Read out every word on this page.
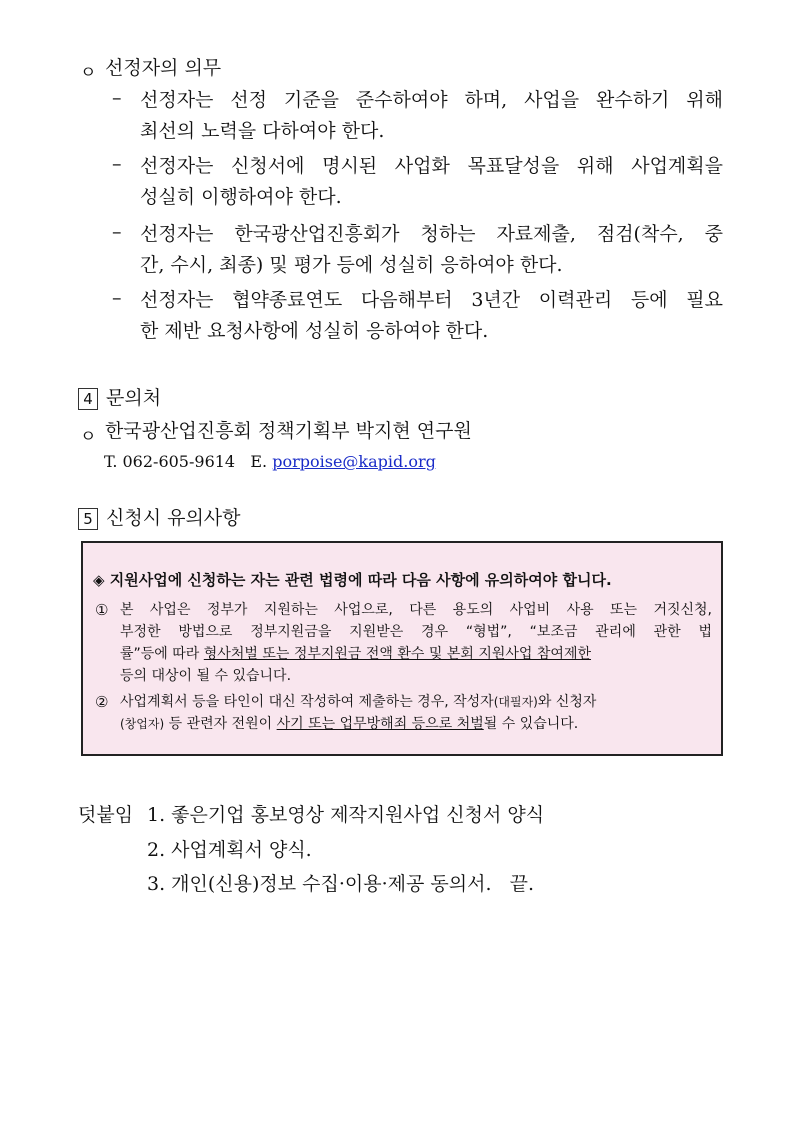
ㅇ 선정자의 의무
– 선정자는 선정 기준을 준수하여야 하며, 사업을 완수하기 위해
최선의 노력을 다하여야 한다.
– 선정자는 신청서에 명시된 사업화 목표달성을 위해 사업계획을
성실히 이행하여야 한다.
– 선정자는 한국광산업진흥회가 청하는 자료제출, 점검(착수, 중
간, 수시, 최종) 및 평가 등에 성실히 응하여야 한다.
– 선정자는 협약종료연도 다음해부터 3년간 이력관리 등에 필요
한 제반 요청사항에 성실히 응하여야 한다.
4 문의처
ㅇ 한국광산업진흥회 정책기획부 박지현 연구원
T. 062-605-9614 E. porpoise@kapid.org
5 신청시 유의사항
◈ 지원사업에 신청하는 자는 관련 법령에 따라 다음 사항에 유의하여야 합니다.
① 본 사업은 정부가 지원하는 사업으로, 다른 용도의 사업비 사용 또는 거짓신청,
부정한 방법으로 정부지원금을 지원받은 경우 “형법”, “보조금 관리에 관한 법
률”등에 따라 형사처벌 또는 정부지원금 전액 환수 및 본회 지원사업 참여제한
등의 대상이 될 수 있습니다.
② 사업계획서 등을 타인이 대신 작성하여 제출하는 경우, 작성자(대필자)와 신청자
(창업자) 등 관련자 전원이 사기 또는 업무방해죄 등으로 처벌될 수 있습니다.
덧붙임 1. 좋은기업 홍보영상 제작지원사업 신청서 양식
2. 사업계획서 양식.
3. 개인(신용)정보 수집·이용·제공 동의서.   끝.
